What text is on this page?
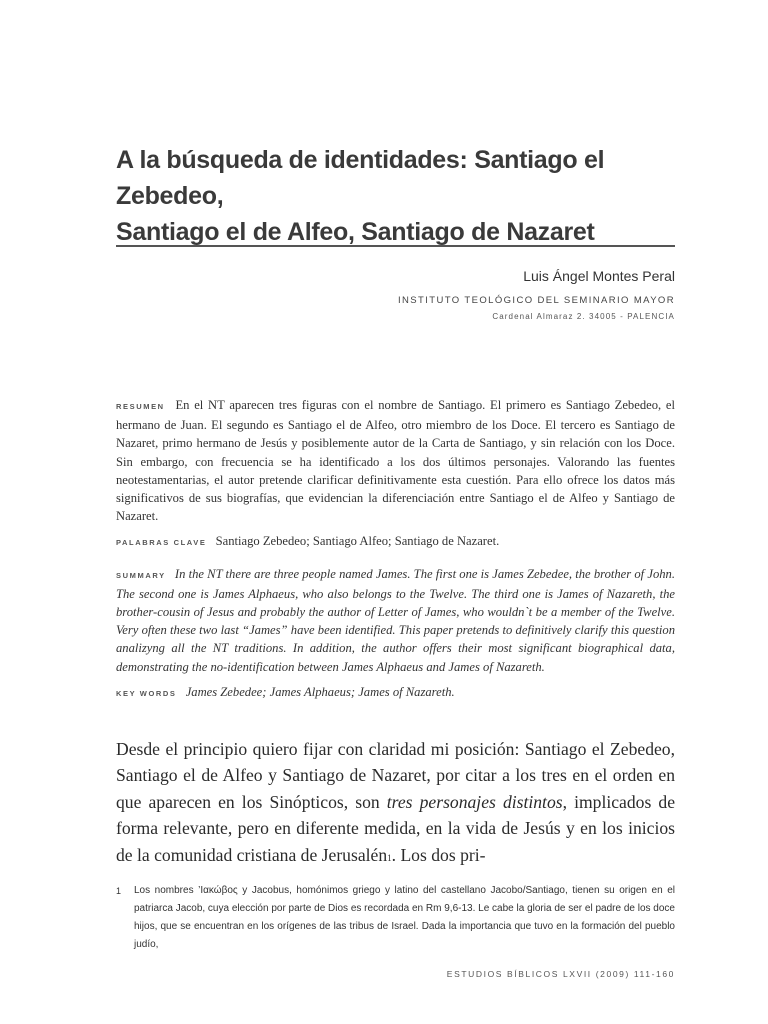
A la búsqueda de identidades: Santiago el Zebedeo,
Santiago el de Alfeo, Santiago de Nazaret
Luis Ángel Montes Peral
INSTITUTO TEOLÓGICO DEL SEMINARIO MAYOR
Cardenal Almaraz 2. 34005 - PALENCIA

RESUMEN En el NT aparecen tres figuras con el nombre de Santiago. El primero es Santiago Zebedeo, el hermano de Juan. El segundo es Santiago el de Alfeo, otro miembro de los Doce. El tercero es Santiago de Nazaret, primo hermano de Jesús y posiblemente autor de la Carta de Santiago, y sin relación con los Doce. Sin embargo, con frecuencia se ha identificado a los dos últimos personajes. Valorando las fuentes neotestamentarias, el autor pretende clarificar definitivamente esta cuestión. Para ello ofrece los datos más significativos de sus biografías, que evidencian la diferenciación entre Santiago el de Alfeo y Santiago de Nazaret.

PALABRAS CLAVE Santiago Zebedeo; Santiago Alfeo; Santiago de Nazaret.

SUMMARY In the NT there are three people named James. The first one is James Zebedee, the brother of John. The second one is James Alphaeus, who also belongs to the Twelve. The third one is James of Nazareth, the brother-cousin of Jesus and probably the author of Letter of James, who wouldn`t be a member of the Twelve. Very often these two last “James” have been identified. This paper pretends to definitively clarify this question analizyng all the NT traditions. In addition, the author offers their most significant biographical data, demonstrating the no-identification between James Alphaeus and James of Nazareth.

KEY WORDS James Zebedee; James Alphaeus; James of Nazareth.

Desde el principio quiero fijar con claridad mi posición: Santiago el Zebedeo, Santiago el de Alfeo y Santiago de Nazaret, por citar a los tres en el orden en que aparecen en los Sinópticos, son tres personajes distintos, implicados de forma relevante, pero en diferente medida, en la vida de Jesús y en los inicios de la comunidad cristiana de Jerusalén1. Los dos pri-

1 Los nombres ’Ιακώβος y Jacobus, homónimos griego y latino del castellano Jacobo/Santiago, tienen su origen en el patriarca Jacob, cuya elección por parte de Dios es recordada en Rm 9,6-13. Le cabe la gloria de ser el padre de los doce hijos, que se encuentran en los orígenes de las tribus de Israel. Dada la importancia que tuvo en la formación del pueblo judío,
ESTUDIOS BÍBLICOS LXVII (2009) 111-160
